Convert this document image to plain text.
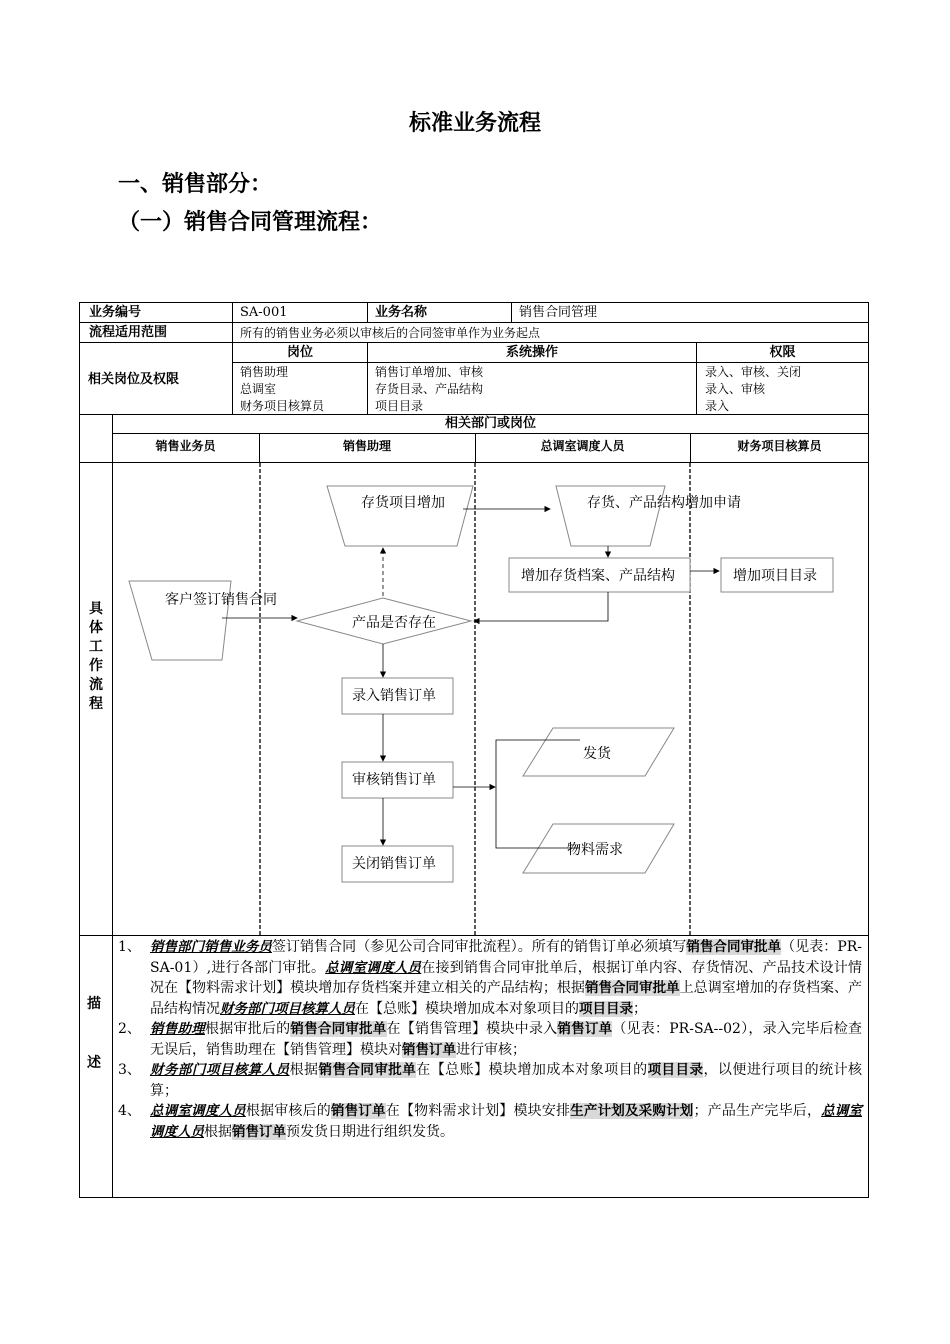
标准业务流程
一、销售部分：
（一）销售合同管理流程：
业务编号	SA-001	业务名称	销售合同管理
流程适用范围	所有的销售业务必须以审核后的合同签审单作为业务起点
相关岗位及权限
岗位	系统操作	权限
销售助理	销售订单增加、审核	录入、审核、关闭
总调室	存货目录、产品结构	录入、审核
财务项目核算员	项目目录	录入
相关部门或岗位
销售业务员	销售助理	总调室调度人员	财务项目核算员
具体工作流程
客户签订销售合同
存货项目增加	存货、产品结构增加申请
增加存货档案、产品结构	增加项目目录
产品是否存在
录入销售订单
审核销售订单
关闭销售订单
发货
物料需求
描
述
1、 销售部门销售业务员签订销售合同（参见公司合同审批流程）。所有的销售订单必须填写销售合同审批单（见表：PR-SA-01）,进行各部门审批。总调室调度人员在接到销售合同审批单后，根据订单内容、存货情况、产品技术设计情况在【物料需求计划】模块增加存货档案并建立相关的产品结构；根据销售合同审批单上总调室增加的存货档案、产品结构情况财务部门项目核算人员在【总账】模块增加成本对象项目的项目目录；
2、 销售助理根据审批后的销售合同审批单在【销售管理】模块中录入销售订单（见表：PR-SA--02），录入完毕后检查无误后，销售助理在【销售管理】模块对销售订单进行审核；
3、 财务部门项目核算人员根据销售合同审批单在【总账】模块增加成本对象项目的项目目录，以便进行项目的统计核算；
4、 总调室调度人员根据审核后的销售订单在【物料需求计划】模块安排生产计划及采购计划；产品生产完毕后，总调室调度人员根据销售订单预发货日期进行组织发货。
